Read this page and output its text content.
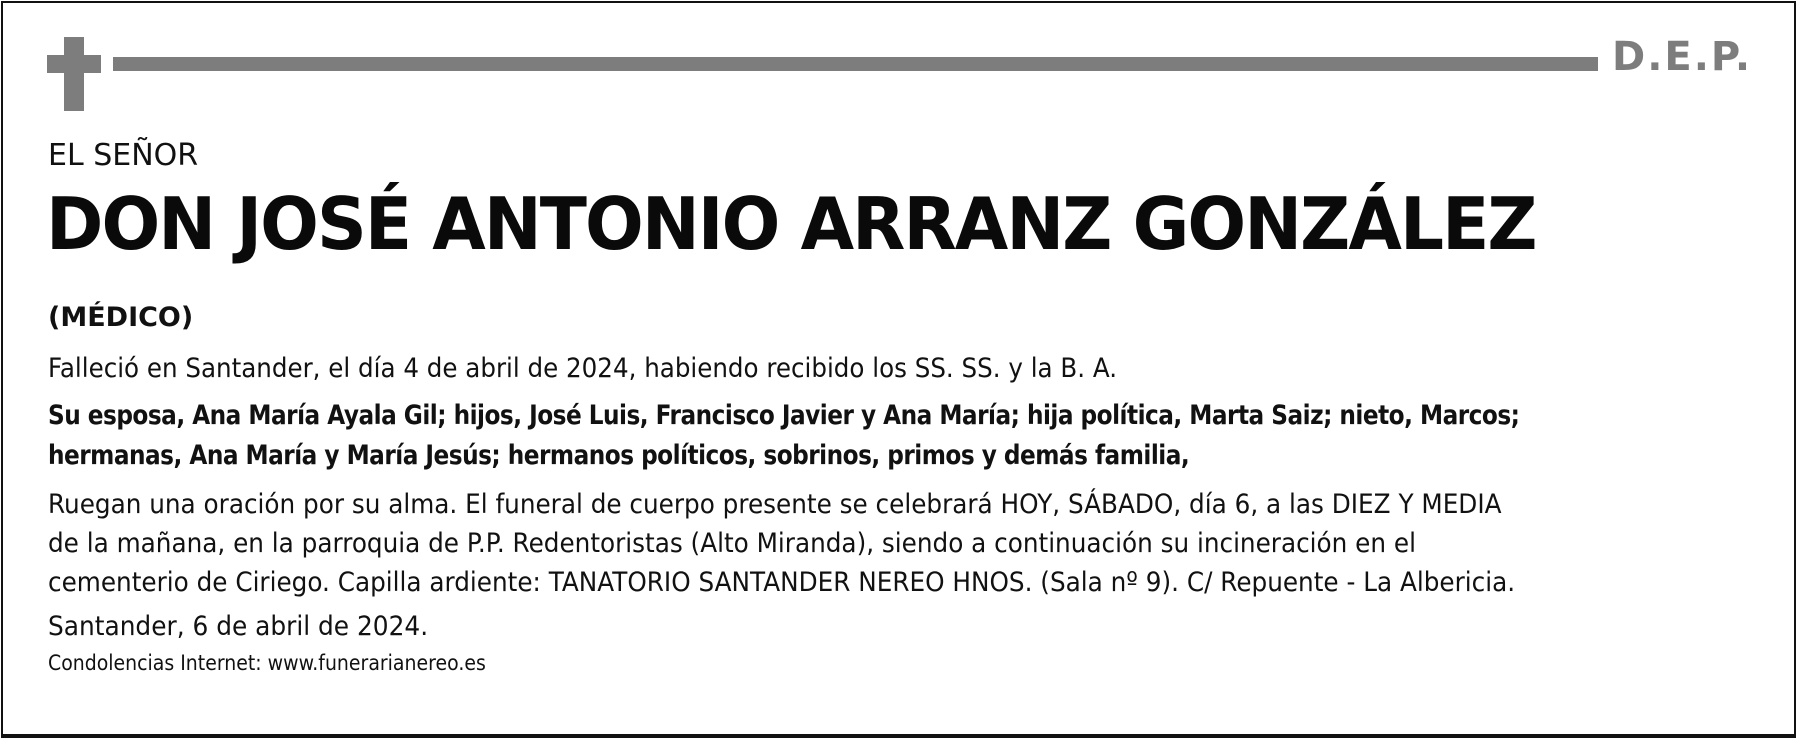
D.E.P.
EL SEÑOR
DON JOSÉ ANTONIO ARRANZ GONZÁLEZ
(MÉDICO)
Falleció en Santander, el día 4 de abril de 2024, habiendo recibido los SS. SS. y la B. A.
Su esposa, Ana María Ayala Gil; hijos, José Luis, Francisco Javier y Ana María; hija política, Marta Saiz; nieto, Marcos;
hermanas, Ana María y María Jesús; hermanos políticos, sobrinos, primos y demás familia,
Ruegan una oración por su alma. El funeral de cuerpo presente se celebrará HOY, SÁBADO, día 6, a las DIEZ Y MEDIA
de la mañana, en la parroquia de P.P. Redentoristas (Alto Miranda), siendo a continuación su incineración en el
cementerio de Ciriego. Capilla ardiente: TANATORIO SANTANDER NEREO HNOS. (Sala nº 9). C/ Repuente - La Albericia.
Santander, 6 de abril de 2024.
Condolencias Internet: www.funerarianereo.es
